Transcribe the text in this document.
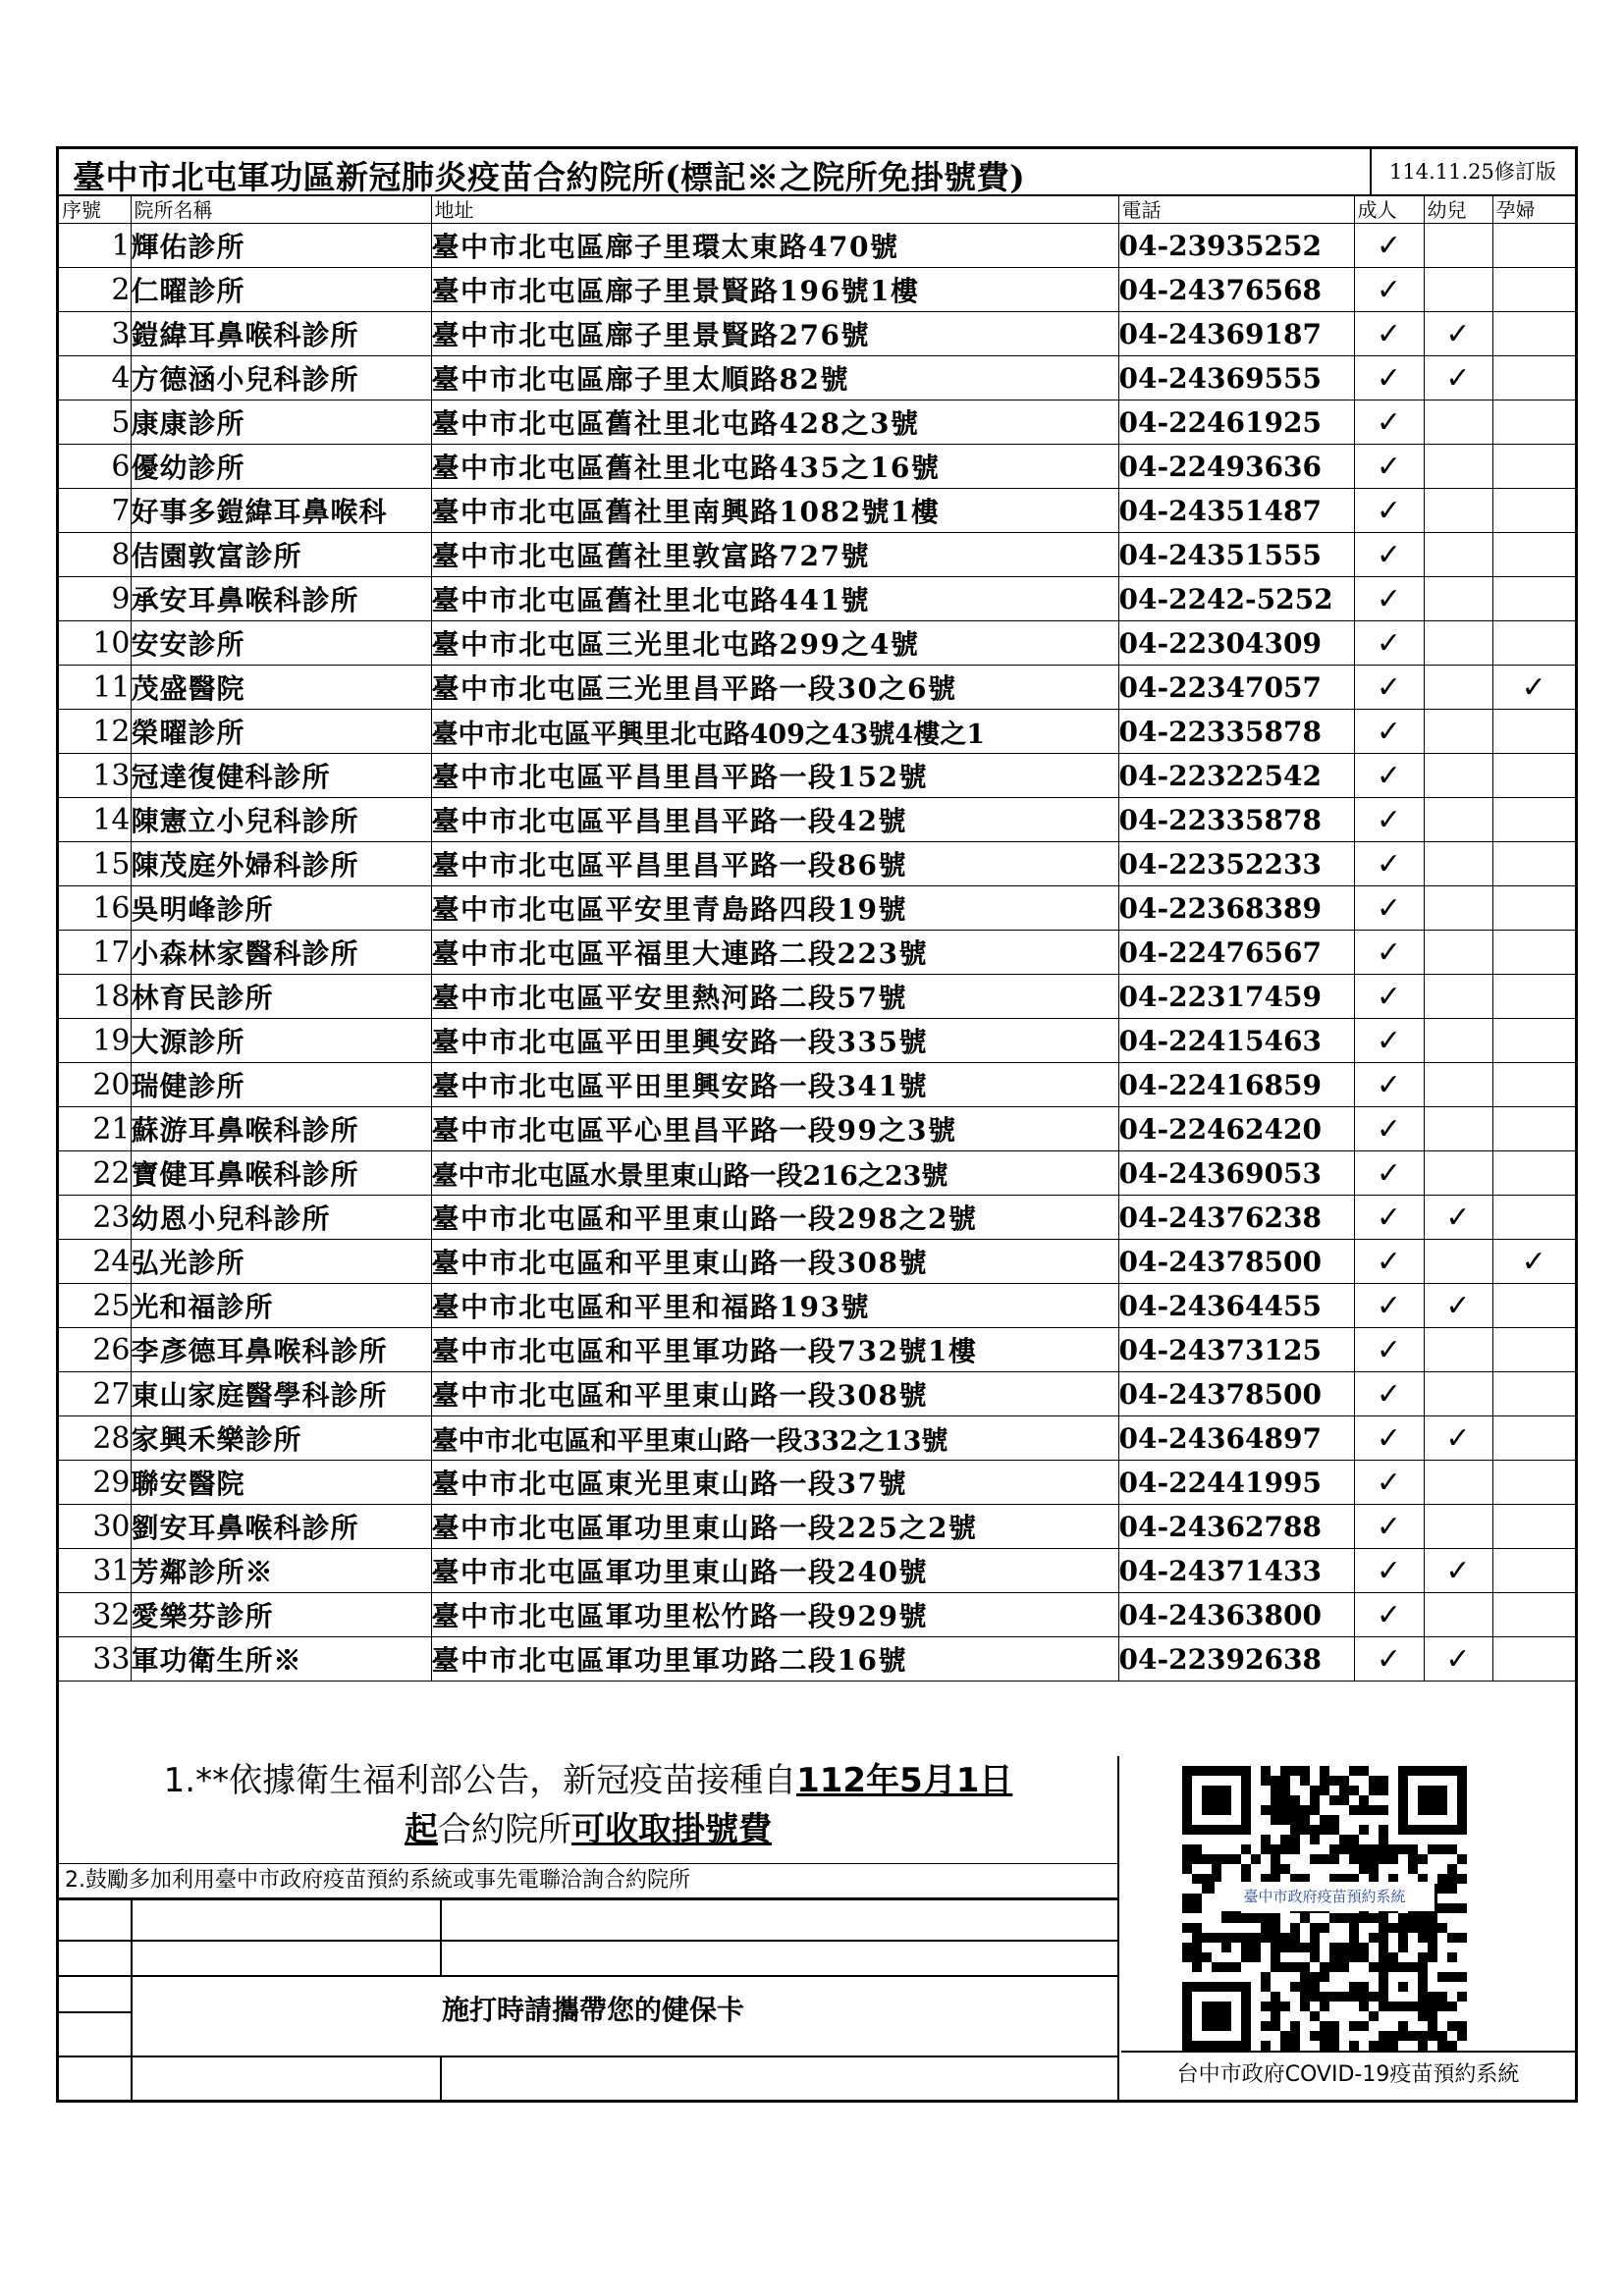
臺中市北屯軍功區新冠肺炎疫苗合約院所(標記※之院所免掛號費)	114.11.25修訂版
序號	院所名稱	地址	電話	成人	幼兒	孕婦
1	輝佑診所	臺中市北屯區廍子里環太東路470號	04-23935252	✓		
2	仁曜診所	臺中市北屯區廍子里景賢路196號1樓	04-24376568	✓		
3	鎧緯耳鼻喉科診所	臺中市北屯區廍子里景賢路276號	04-24369187	✓	✓	
4	方德涵小兒科診所	臺中市北屯區廍子里太順路82號	04-24369555	✓	✓	
5	康康診所	臺中市北屯區舊社里北屯路428之3號	04-22461925	✓		
6	優幼診所	臺中市北屯區舊社里北屯路435之16號	04-22493636	✓		
7	好事多鎧緯耳鼻喉科	臺中市北屯區舊社里南興路1082號1樓	04-24351487	✓		
8	佶園敦富診所	臺中市北屯區舊社里敦富路727號	04-24351555	✓		
9	承安耳鼻喉科診所	臺中市北屯區舊社里北屯路441號	04-2242-5252	✓		
10	安安診所	臺中市北屯區三光里北屯路299之4號	04-22304309	✓		
11	茂盛醫院	臺中市北屯區三光里昌平路一段30之6號	04-22347057	✓		✓
12	榮曜診所	臺中市北屯區平興里北屯路409之43號4樓之1	04-22335878	✓		
13	冠達復健科診所	臺中市北屯區平昌里昌平路一段152號	04-22322542	✓		
14	陳憲立小兒科診所	臺中市北屯區平昌里昌平路一段42號	04-22335878	✓		
15	陳茂庭外婦科診所	臺中市北屯區平昌里昌平路一段86號	04-22352233	✓		
16	吳明峰診所	臺中市北屯區平安里青島路四段19號	04-22368389	✓		
17	小森林家醫科診所	臺中市北屯區平福里大連路二段223號	04-22476567	✓		
18	林育民診所	臺中市北屯區平安里熱河路二段57號	04-22317459	✓		
19	大源診所	臺中市北屯區平田里興安路一段335號	04-22415463	✓		
20	瑞健診所	臺中市北屯區平田里興安路一段341號	04-22416859	✓		
21	蘇游耳鼻喉科診所	臺中市北屯區平心里昌平路一段99之3號	04-22462420	✓		
22	寶健耳鼻喉科診所	臺中市北屯區水景里東山路一段216之23號	04-24369053	✓		
23	幼恩小兒科診所	臺中市北屯區和平里東山路一段298之2號	04-24376238	✓	✓	
24	弘光診所	臺中市北屯區和平里東山路一段308號	04-24378500	✓		✓
25	光和福診所	臺中市北屯區和平里和福路193號	04-24364455	✓	✓	
26	李彥德耳鼻喉科診所	臺中市北屯區和平里軍功路一段732號1樓	04-24373125	✓		
27	東山家庭醫學科診所	臺中市北屯區和平里東山路一段308號	04-24378500	✓		
28	家興禾樂診所	臺中市北屯區和平里東山路一段332之13號	04-24364897	✓	✓	
29	聯安醫院	臺中市北屯區東光里東山路一段37號	04-22441995	✓		
30	劉安耳鼻喉科診所	臺中市北屯區軍功里東山路一段225之2號	04-24362788	✓		
31	芳鄰診所※	臺中市北屯區軍功里東山路一段240號	04-24371433	✓	✓	
32	愛樂芬診所	臺中市北屯區軍功里松竹路一段929號	04-24363800	✓		
33	軍功衛生所※	臺中市北屯區軍功里軍功路二段16號	04-22392638	✓	✓	
1.**依據衛生福利部公告，新冠疫苗接種自112年5月1日
起合約院所可收取掛號費
2.鼓勵多加利用臺中市政府疫苗預約系統或事先電聯洽詢合約院所
施打時請攜帶您的健保卡
臺中市政府疫苗預約系統
台中市政府COVID-19疫苗預約系統
